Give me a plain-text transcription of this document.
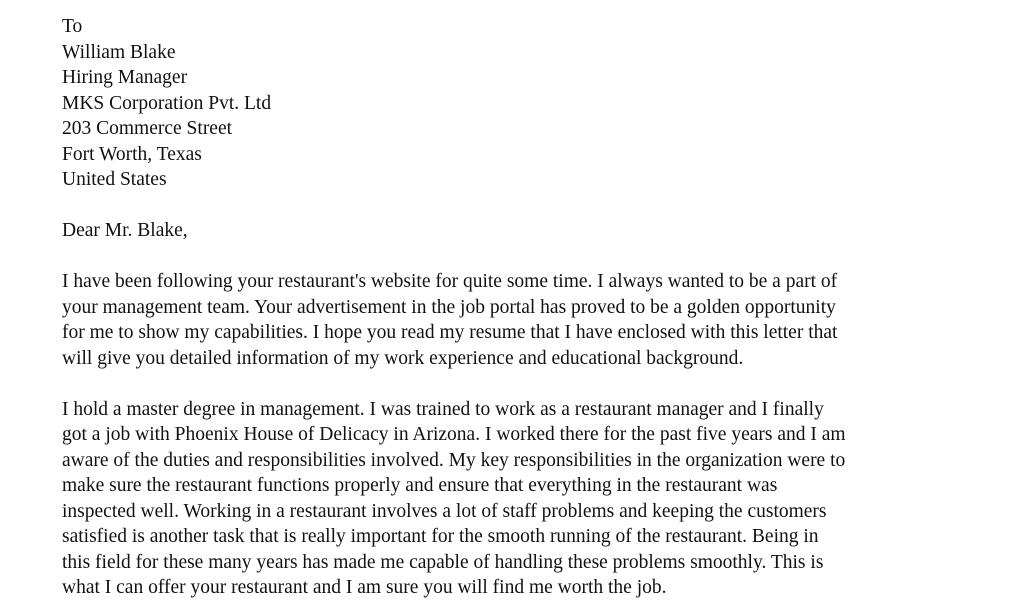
To

William Blake

Hiring Manager

MKS Corporation Pvt. Ltd

203 Commerce Street

Fort Worth, Texas

United States

Dear Mr. Blake,

I have been following your restaurant's website for quite some time. I always wanted to be a part of

your management team. Your advertisement in the job portal has proved to be a golden opportunity

for me to show my capabilities. I hope you read my resume that I have enclosed with this letter that

will give you detailed information of my work experience and educational background.

I hold a master degree in management. I was trained to work as a restaurant manager and I finally

got a job with Phoenix House of Delicacy in Arizona. I worked there for the past five years and I am

aware of the duties and responsibilities involved. My key responsibilities in the organization were to

make sure the restaurant functions properly and ensure that everything in the restaurant was

inspected well. Working in a restaurant involves a lot of staff problems and keeping the customers

satisfied is another task that is really important for the smooth running of the restaurant. Being in

this field for these many years has made me capable of handling these problems smoothly. This is

what I can offer your restaurant and I am sure you will find me worth the job.
